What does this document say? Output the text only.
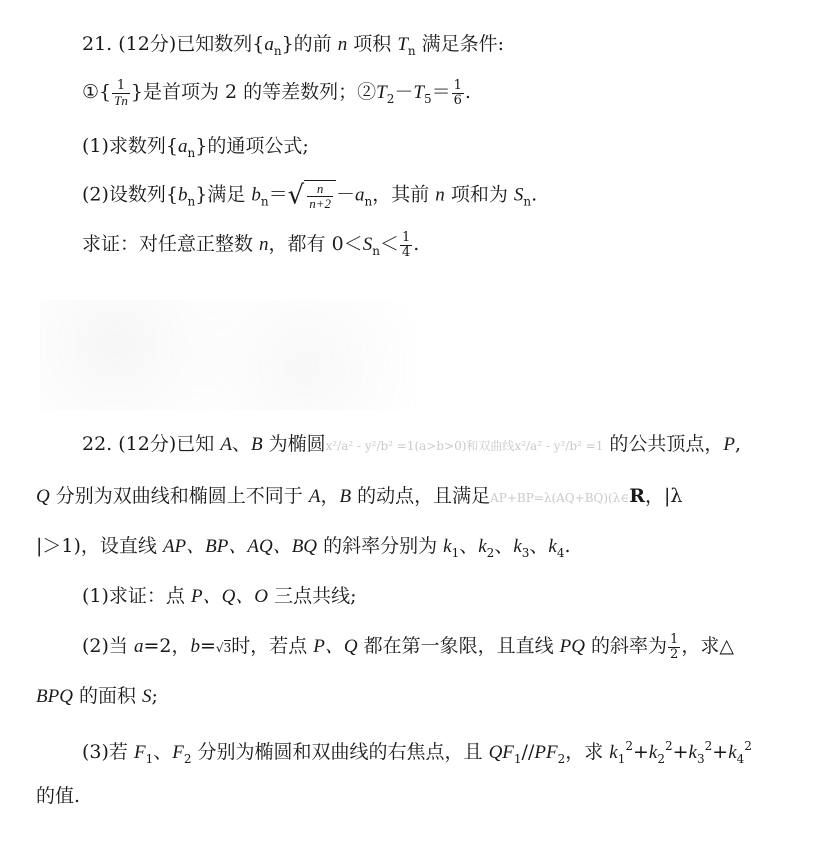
21. (12分)已知数列$\{a_n\}$的前 n 项积 $T_n$ 满足条件:
①{ $\frac{1}{Tn}$ }是首项为 2 的等差数列；$②T_2-T_5= \frac{1}{6}$ .
(1)求数列$\{a_n\}$的通项公式;
(2)设数列$\{b_n\}$满足 $b_n=√ \frac{n}{n+2} -a_n$，其前 n 项和为 $S_n$.
求证：对任意正整数 n，都有 $0<S_n< \frac{1}{4}$ .
22. (12分)已知 A、B 为椭圆x²/a² - y²/b² =1(a>b>0)和双曲线x²/a² - y²/b² =1 的公共顶点，P,
Q 分别为双曲线和椭圆上不同于 A，B 的动点，且满足AP+BP=λ(AQ+BQ)(λ∈R，|λ
|＞1)，设直线 AP、BP、AQ、BQ 的斜率分别为 $k_1$、$k_2$、$k_3$、$k_4$.
(1)求证：点 P、Q、O 三点共线;
(2)当 a=2，b=√3时，若点 P、Q 都在第一象限，且直线 PQ 的斜率为 $\frac{1}{2}$ ，求△
BPQ 的面积 S;
(3)若 $F_1$、$F_2$ 分别为椭圆和双曲线的右焦点，且 $QF_1//PF_2$，求 $k_1^2+k_2^2+k_3^2+k_4^2$
的值.
